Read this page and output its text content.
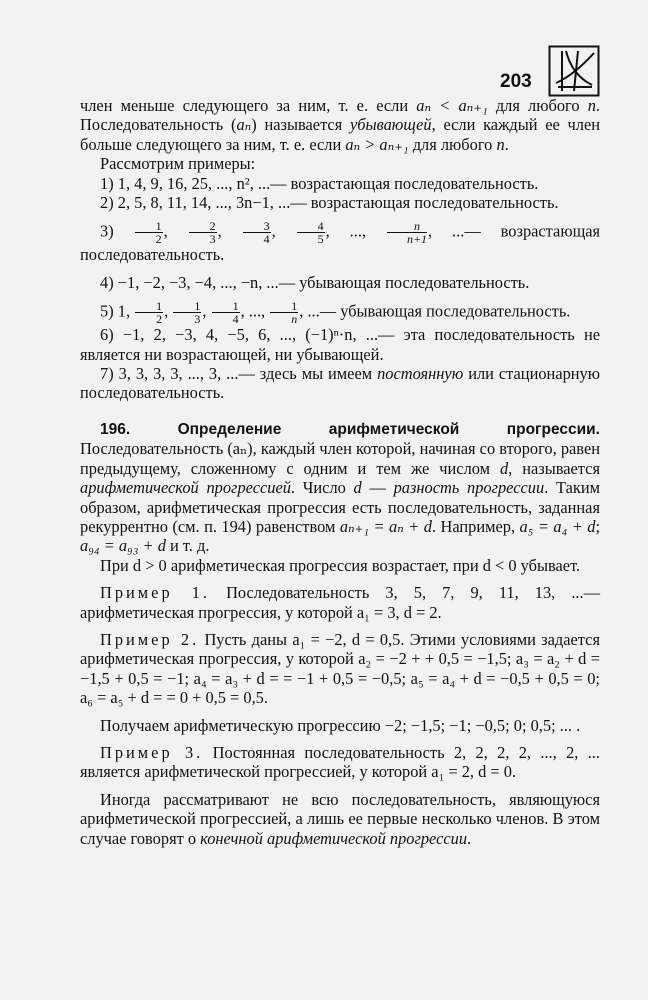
203

член меньше следующего за ним, т. е. если aₙ < aₙ₊₁ для любого n. Последовательность (aₙ) называется убывающей, если каждый ее член больше следующего за ним, т. е. если aₙ > aₙ₊₁ для любого n.

Рассмотрим примеры:

1) 1, 4, 9, 16, 25, ..., n², ...— возрастающая последовательность.

2) 2, 5, 8, 11, 14, ..., 3n−1, ...— возрастающая последовательность.

$3) \frac{1}{2}$ , $\frac{2}{3}$ , $\frac{3}{4}$ , $\frac{4}{5}$ , ..., $\frac{n}{n+1}$ , ...— возрастающая последовательность.

4) −1, −2, −3, −4, ..., −n, ...— убывающая последовательность.

5) 1, $\frac{1}{2}$ , $\frac{1}{3}$ , $\frac{1}{4}$ , ..., $\frac{1}{n}$ , ...— убывающая последовательность.

6) −1, 2, −3, 4, −5, 6, ..., (−1)ⁿ·n, ...— эта последовательность не является ни возрастающей, ни убывающей.

7) 3, 3, 3, 3, ..., 3, ...— здесь мы имеем постоянную или стационарную последовательность.

196. Определение арифметической прогрессии. Последовательность (aₙ), каждый член которой, начиная со второго, равен предыдущему, сложенному с одним и тем же числом d, называется арифметической прогрессией. Число d — разность прогрессии. Таким образом, арифметическая прогрессия есть последовательность, заданная рекуррентно (см. п. 194) равенством aₙ₊₁ = aₙ + d. Например, a₅ = a₄ + d; a₉₄ = a₉₃ + d и т. д.

При d > 0 арифметическая прогрессия возрастает, при d < 0 убывает.

Пример 1. Последовательность 3, 5, 7, 9, 11, 13, ...— арифметическая прогрессия, у которой a₁ = 3, d = 2.

Пример 2. Пусть даны a₁ = −2, d = 0,5. Этими условиями задается арифметическая прогрессия, у которой a₂ = −2 + + 0,5 = −1,5; a₃ = a₂ + d = −1,5 + 0,5 = −1; a₄ = a₃ + d = = −1 + 0,5 = −0,5; a₅ = a₄ + d = −0,5 + 0,5 = 0; a₆ = a₅ + d = = 0 + 0,5 = 0,5.

Получаем арифметическую прогрессию −2; −1,5; −1; −0,5; 0; 0,5; ... .

Пример 3. Постоянная последовательность 2, 2, 2, 2, ..., 2, ... является арифметической прогрессией, у которой a₁ = 2, d = 0.

Иногда рассматривают не всю последовательность, являющуюся арифметической прогрессией, а лишь ее первые несколько членов. В этом случае говорят о конечной арифметической прогрессии.
